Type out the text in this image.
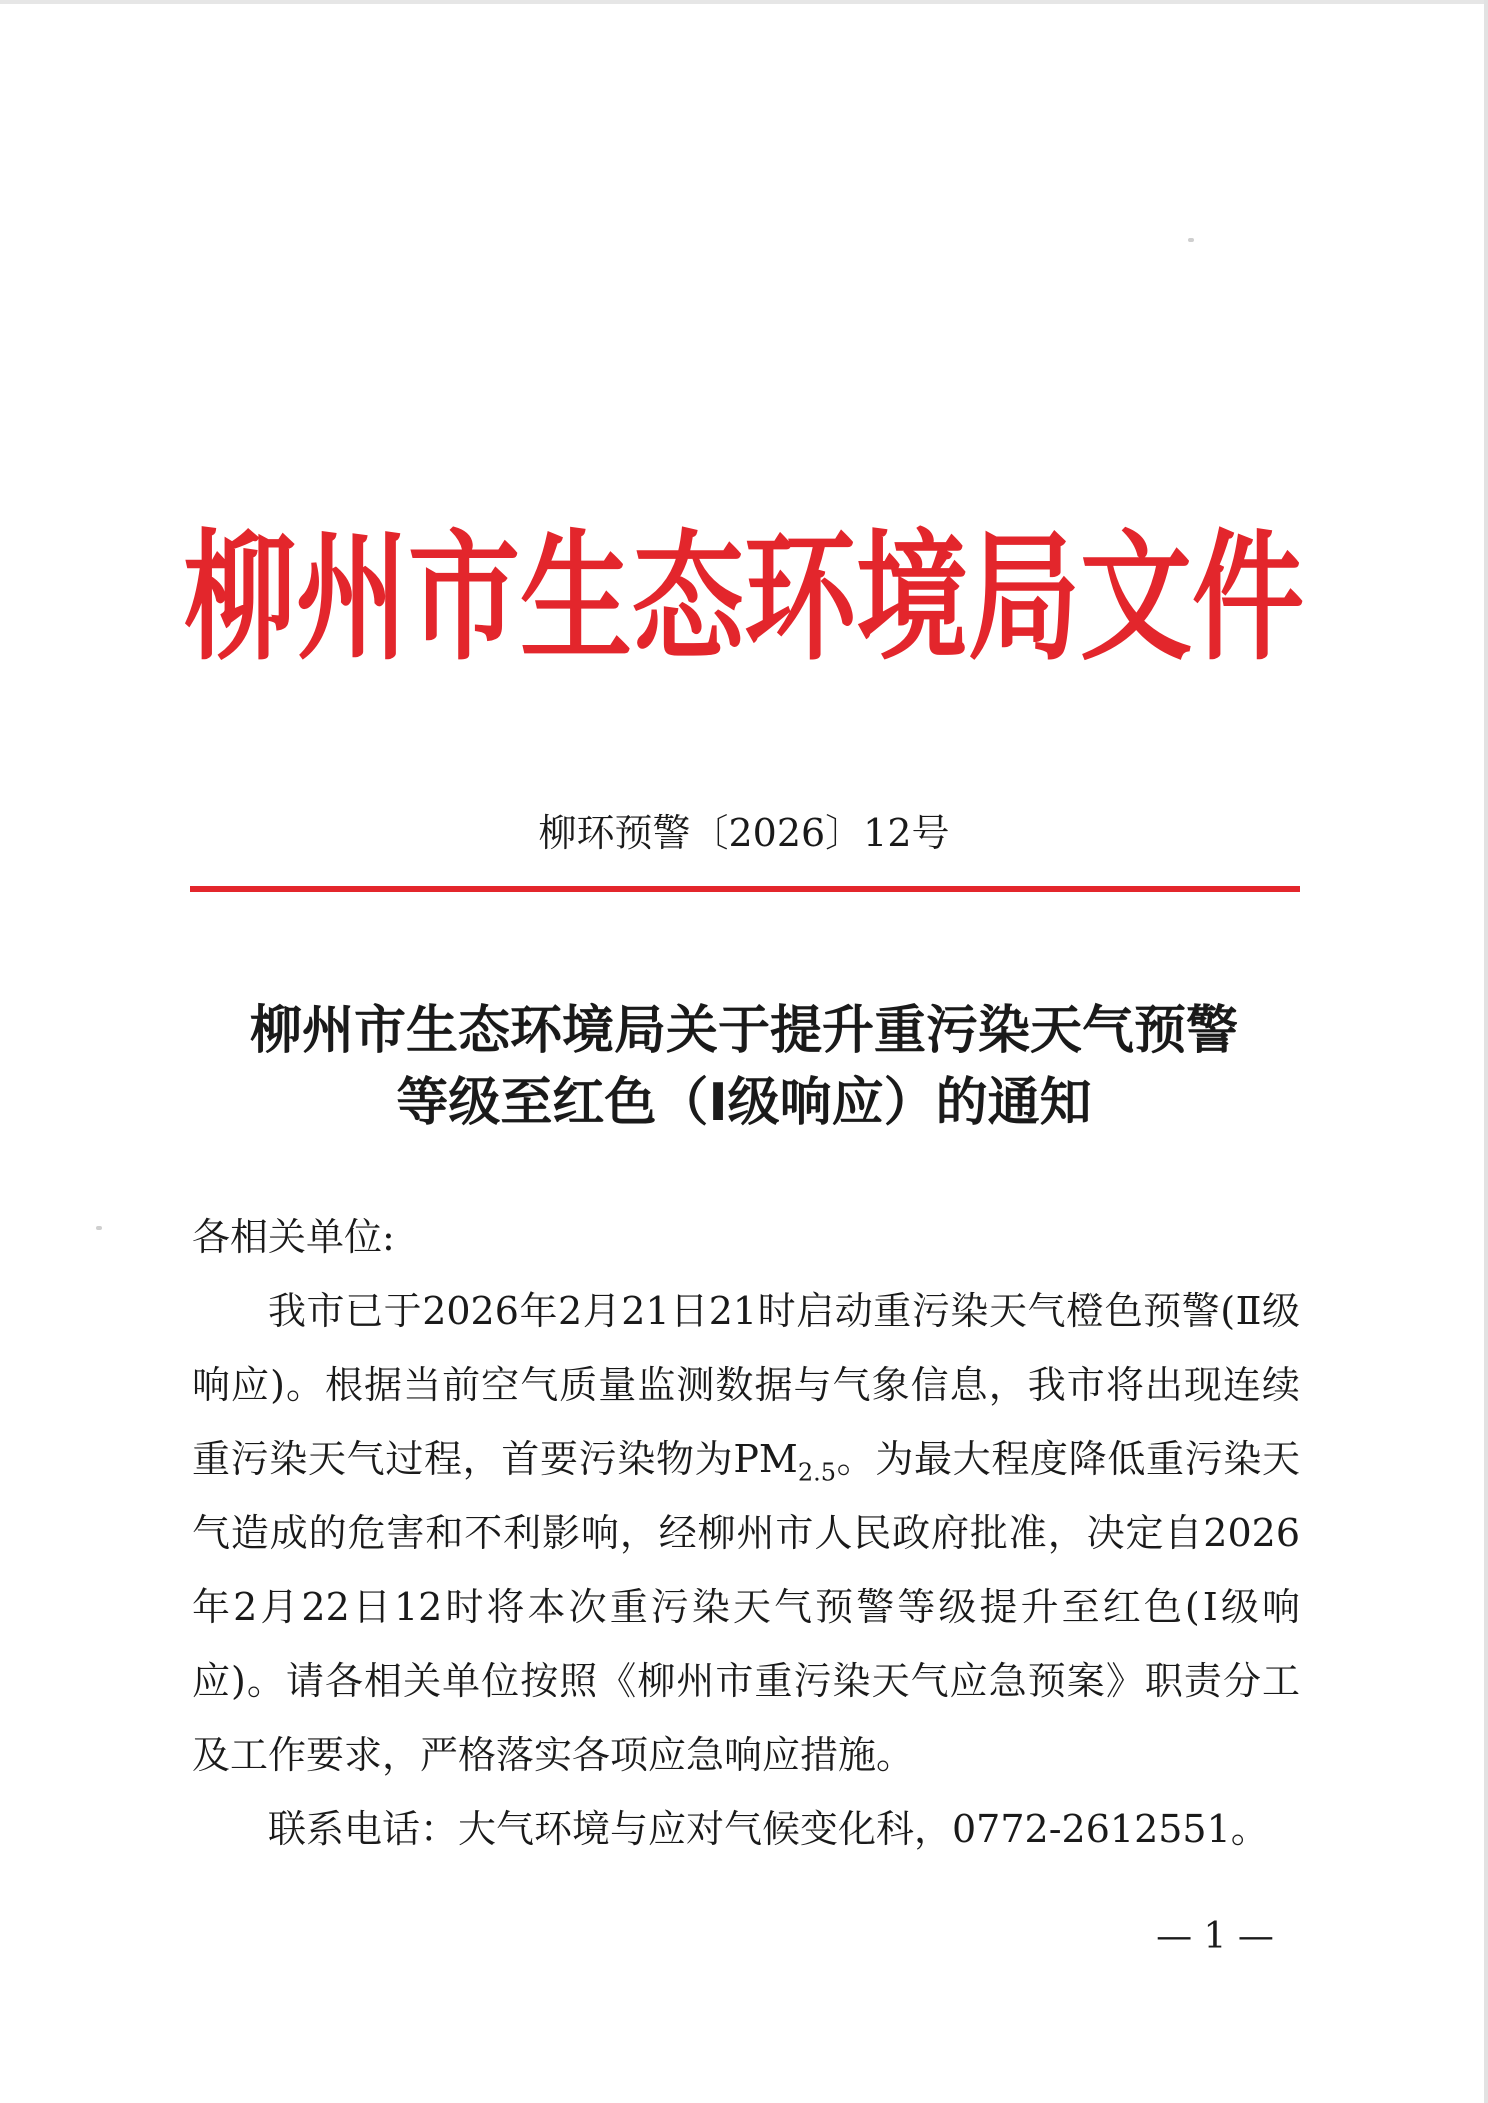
柳州市生态环境局文件
柳环预警〔2026〕12号
柳州市生态环境局关于提升重污染天气预警
等级至红色（Ⅰ级响应）的通知

各相关单位:

我市已于2026年2月21日21时启动重污染天气橙色预警(Ⅱ级响应)。根据当前空气质量监测数据与气象信息，我市将出现连续重污染天气过程，首要污染物为$PM_{2.5}$。为最大程度降低重污染天气造成的危害和不利影响，经柳州市人民政府批准，决定自2026年2月22日12时将本次重污染天气预警等级提升至红色(Ⅰ级响应)。请各相关单位按照《柳州市重污染天气应急预案》职责分工及工作要求，严格落实各项应急响应措施。

联系电话：大气环境与应对气候变化科，0772-2612551。

— 1 —
